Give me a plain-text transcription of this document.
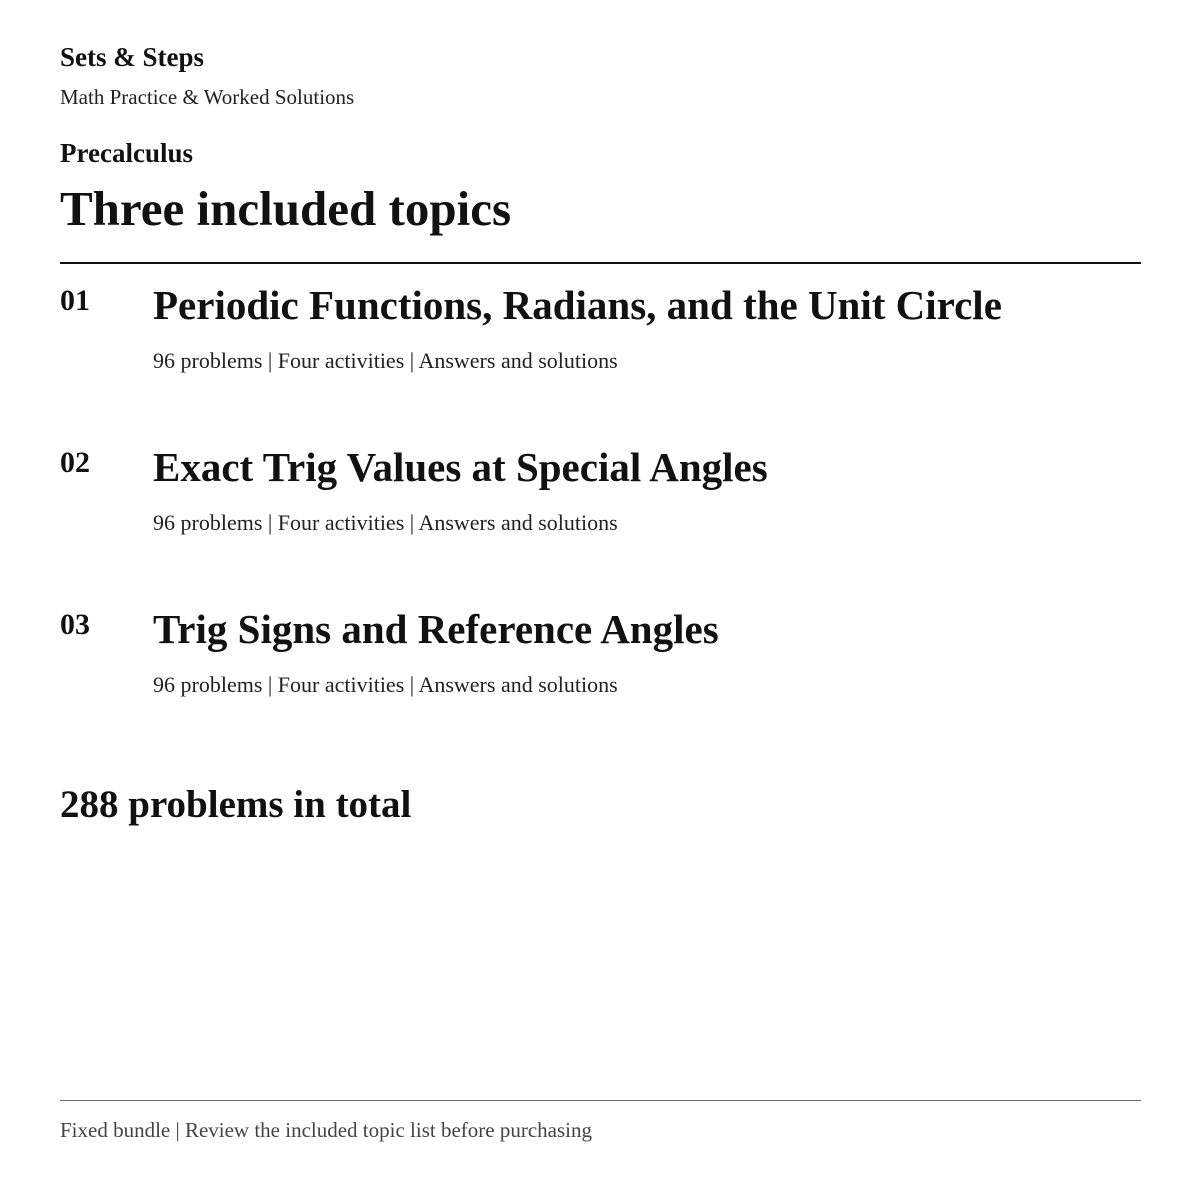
Sets & Steps
Math Practice & Worked Solutions
Precalculus
Three included topics
01 Periodic Functions, Radians, and the Unit Circle
96 problems | Four activities | Answers and solutions
02 Exact Trig Values at Special Angles
96 problems | Four activities | Answers and solutions
03 Trig Signs and Reference Angles
96 problems | Four activities | Answers and solutions
288 problems in total
Fixed bundle | Review the included topic list before purchasing
